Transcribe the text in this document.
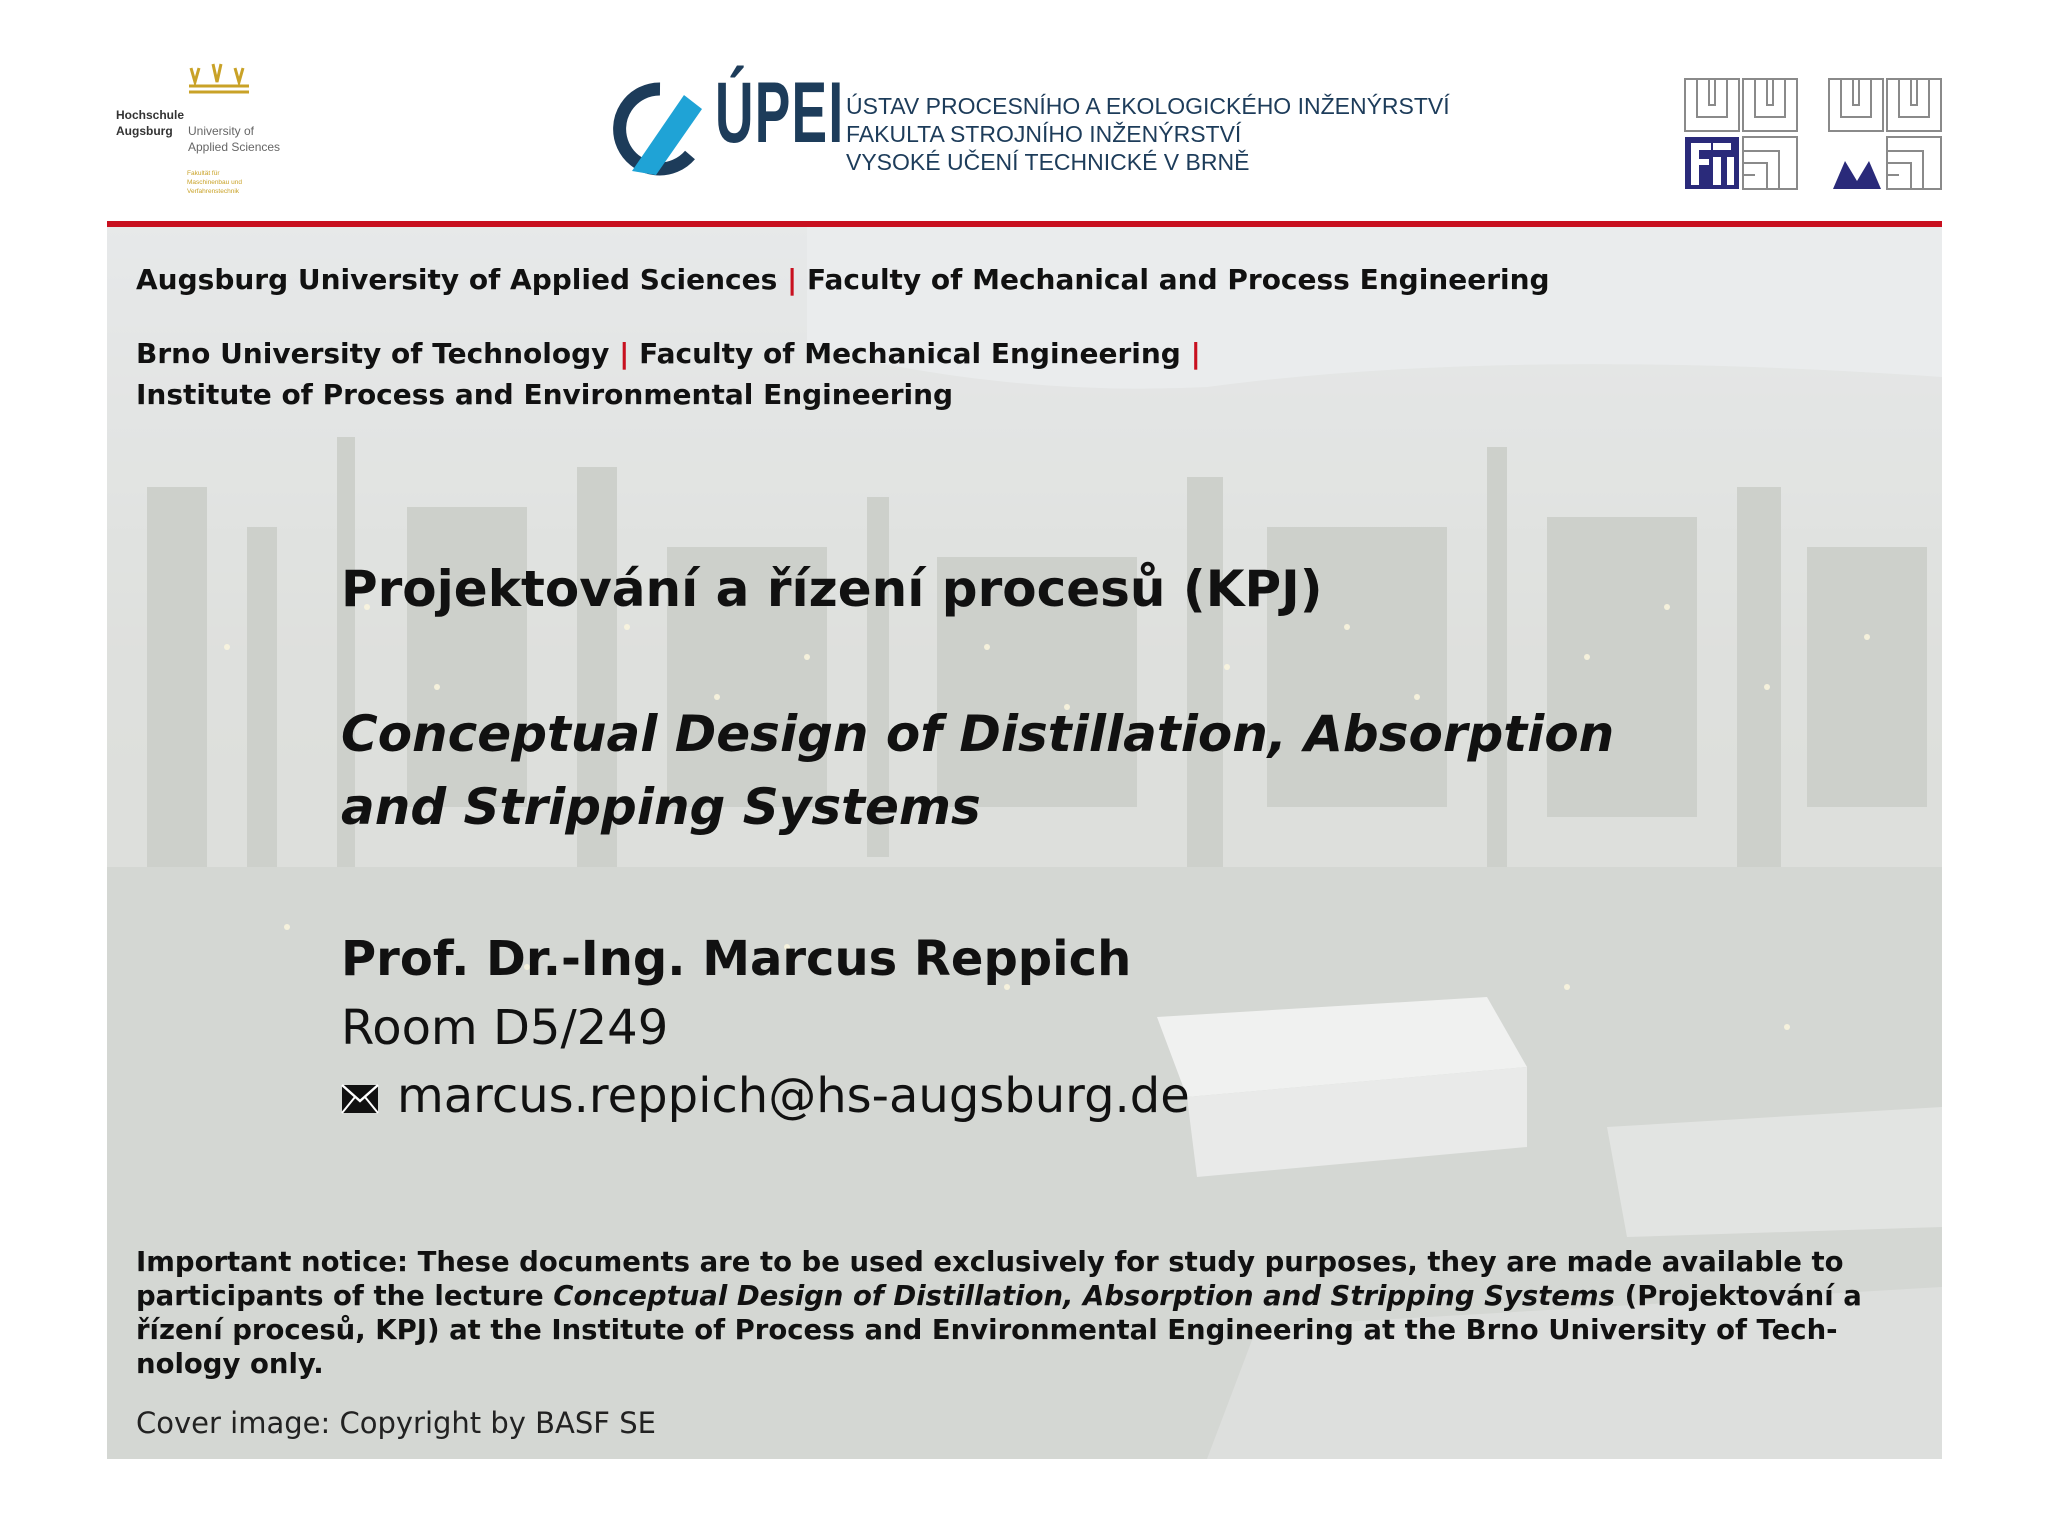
Hochschule
Augsburg University of
Applied Sciences
Fakultät für
Maschinenbau und
Verfahrenstechnik
ÚPEI ÚSTAV PROCESNÍHO A EKOLOGICKÉHO INŽENÝRSTVÍ
FAKULTA STROJNÍHO INŽENÝRSTVÍ
VYSOKÉ UČENÍ TECHNICKÉ V BRNĚ
Augsburg University of Applied Sciences | Faculty of Mechanical and Process Engineering
Brno University of Technology | Faculty of Mechanical Engineering |
Institute of Process and Environmental Engineering
Projektování a řízení procesů (KPJ)
Conceptual Design of Distillation, Absorption
and Stripping Systems
Prof. Dr.-Ing. Marcus Reppich
Room D5/249
marcus.reppich@hs-augsburg.de
Important notice: These documents are to be used exclusively for study purposes, they are made available to participants of the lecture Conceptual Design of Distillation, Absorption and Stripping Systems (Projektování a řízení procesů, KPJ) at the Institute of Process and Environmental Engineering at the Brno University of Tech-nology only.
Cover image: Copyright by BASF SE
